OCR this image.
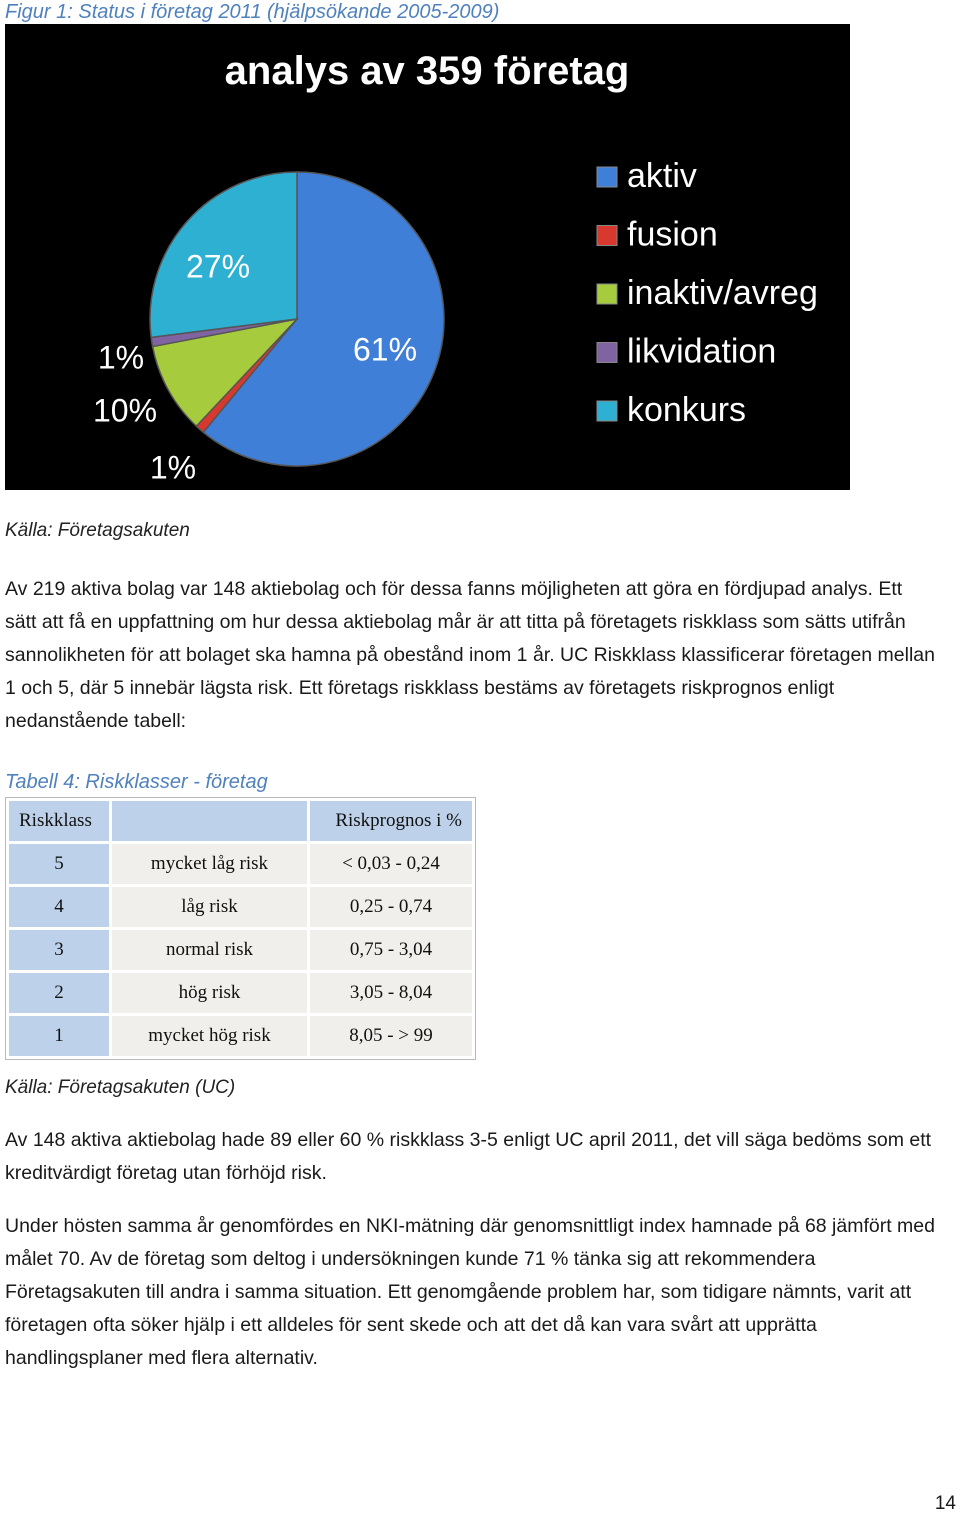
Figur 1: Status i företag 2011 (hjälpsökande 2005-2009)

analys av 359 företag
61%
1%
10%
1%
27%
aktiv
fusion
inaktiv/avreg
likvidation
konkurs

Källa: Företagsakuten

Av 219 aktiva bolag var 148 aktiebolag och för dessa fanns möjligheten att göra en fördjupad analys. Ett sätt att få en uppfattning om hur dessa aktiebolag mår är att titta på företagets riskklass som sätts utifrån sannolikheten för att bolaget ska hamna på obestånd inom 1 år. UC Riskklass klassificerar företagen mellan 1 och 5, där 5 innebär lägsta risk. Ett företags riskklass bestäms av företagets riskprognos enligt nedanstående tabell:

Tabell 4: Riskklasser - företag

Riskklass		Riskprognos i %
5	mycket låg risk	< 0,03 - 0,24
4	låg risk	0,25 - 0,74
3	normal risk	0,75 - 3,04
2	hög risk	3,05 - 8,04
1	mycket hög risk	8,05 - > 99

Källa: Företagsakuten (UC)

Av 148 aktiva aktiebolag hade 89 eller 60 % riskklass 3-5 enligt UC april 2011, det vill säga bedöms som ett kreditvärdigt företag utan förhöjd risk.

Under hösten samma år genomfördes en NKI-mätning där genomsnittligt index hamnade på 68 jämfört med målet 70. Av de företag som deltog i undersökningen kunde 71 % tänka sig att rekommendera Företagsakuten till andra i samma situation. Ett genomgående problem har, som tidigare nämnts, varit att företagen ofta söker hjälp i ett alldeles för sent skede och att det då kan vara svårt att upprätta handlingsplaner med flera alternativ.

14
